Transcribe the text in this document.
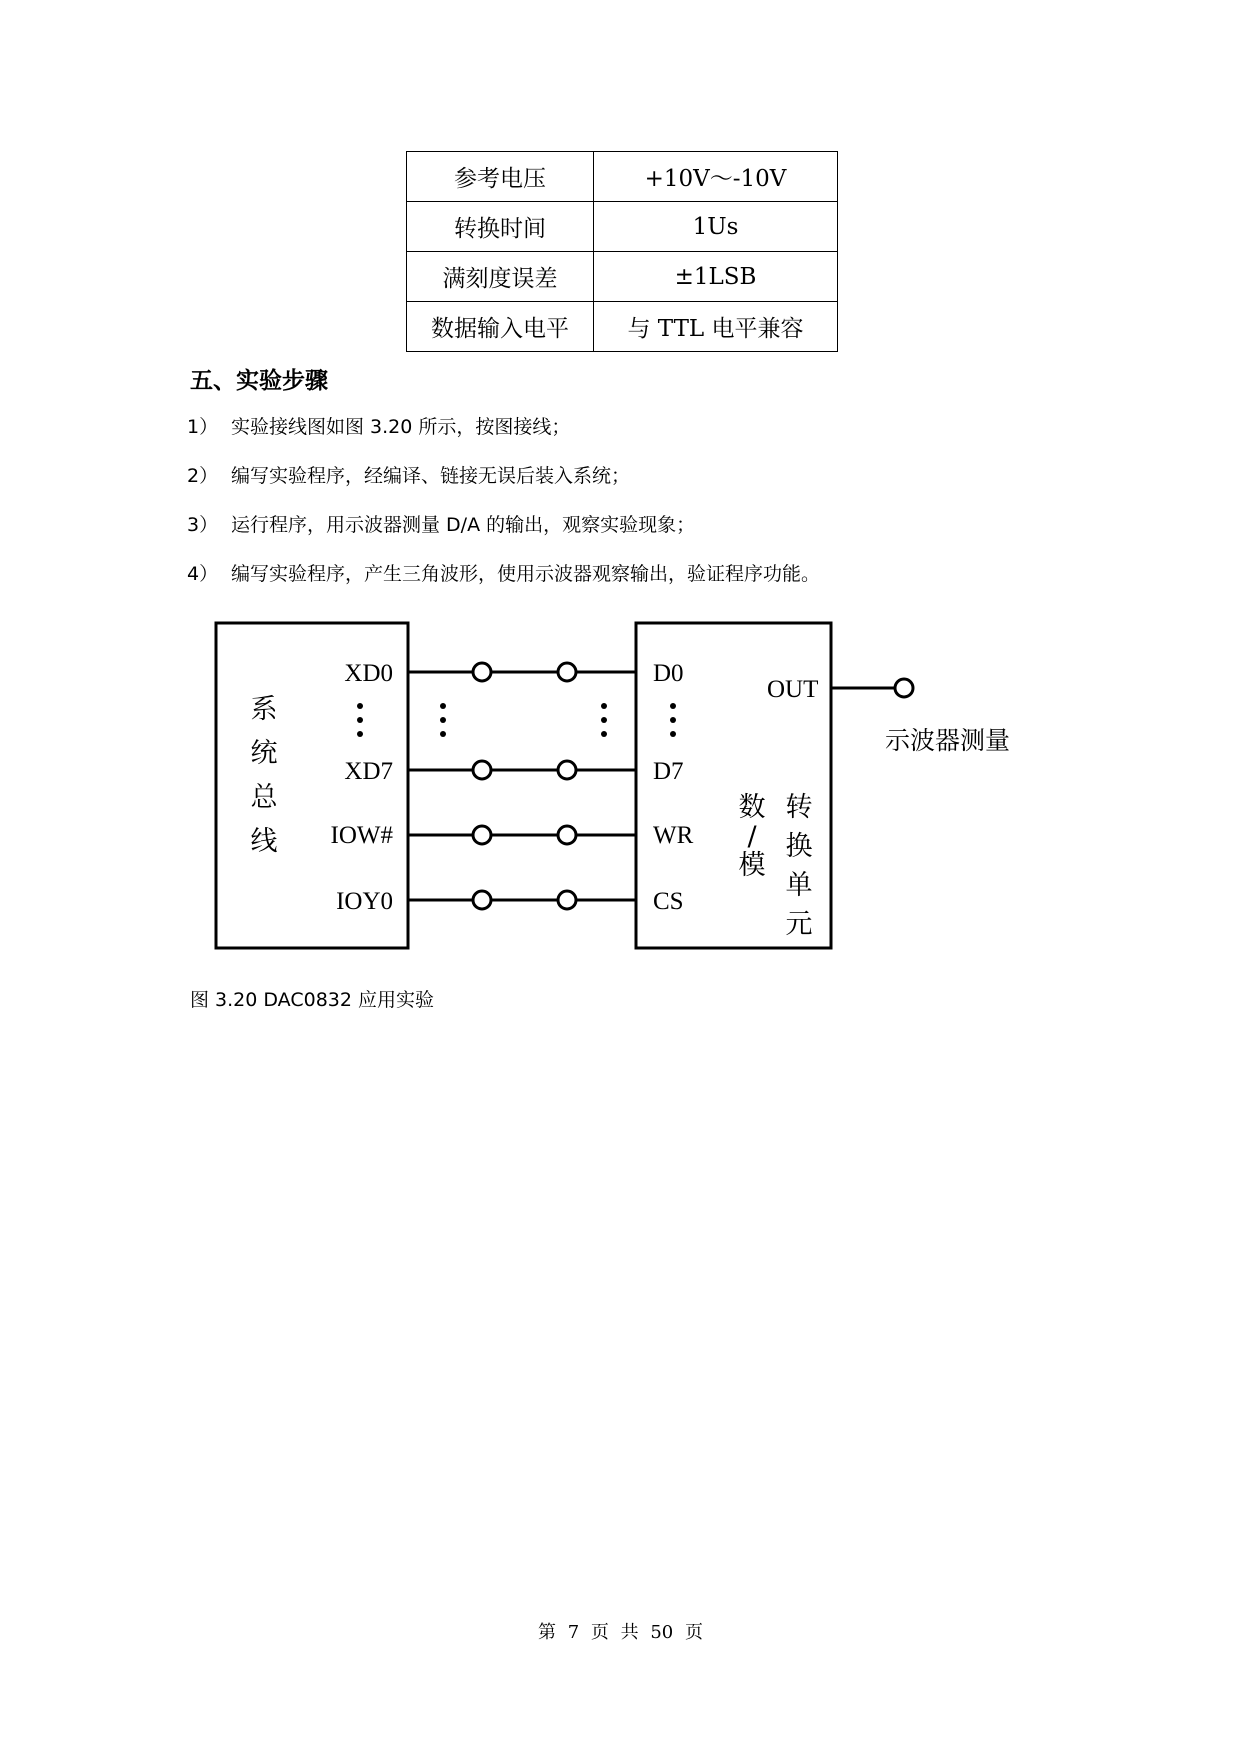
参考电压	+10V～-10V
转换时间	1Us
满刻度误差	±1LSB
数据输入电平	与 TTL 电平兼容
五、实验步骤
1） 实验接线图如图 3.20 所示，按图接线；
2） 编写实验程序，经编译、链接无误后装入系统；
3） 运行程序，用示波器测量 D/A 的输出，观察实验现象；
4） 编写实验程序，产生三角波形，使用示波器观察输出，验证程序功能。
系
统
总
线
XD0
XD7
IOW#
IOY0
D0
D7
WR
CS
OUT
数
/
模
转
换
单
元
示波器测量
图 3.20 DAC0832 应用实验
第 7 页 共 50 页
